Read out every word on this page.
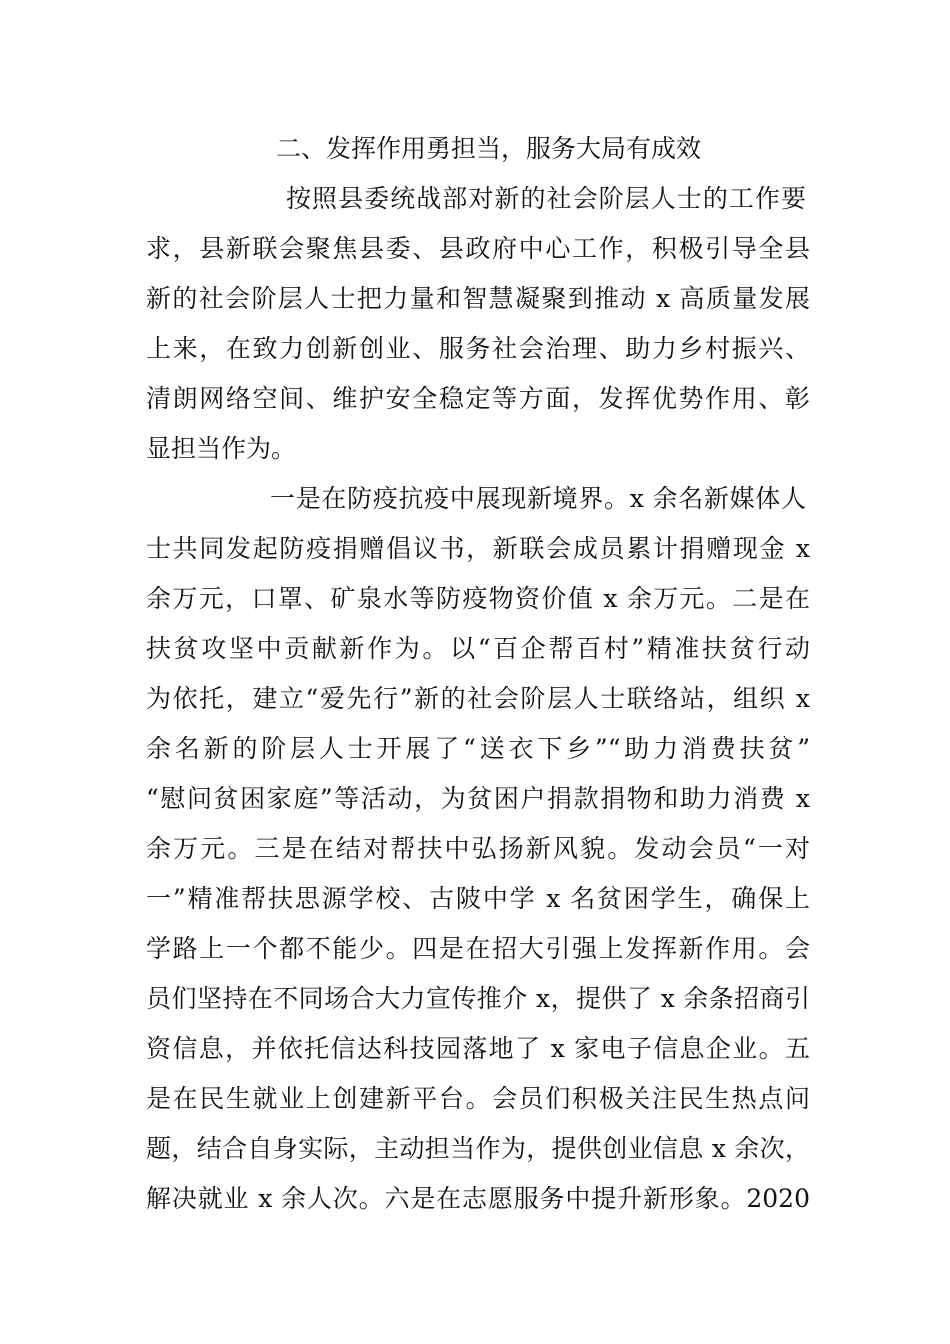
二、发挥作用勇担当，服务大局有成效
按照县委统战部对新的社会阶层人士的工作要
求，县新联会聚焦县委、县政府中心工作，积极引导全县
新的社会阶层人士把力量和智慧凝聚到推动 x 高质量发展
上来，在致力创新创业、服务社会治理、助力乡村振兴、
清朗网络空间、维护安全稳定等方面，发挥优势作用、彰
显担当作为。
一是在防疫抗疫中展现新境界。x 余名新媒体人
士共同发起防疫捐赠倡议书，新联会成员累计捐赠现金 x
余万元，口罩、矿泉水等防疫物资价值 x 余万元。二是在
扶贫攻坚中贡献新作为。以“百企帮百村”精准扶贫行动
为依托，建立“爱先行”新的社会阶层人士联络站，组织 x
余名新的阶层人士开展了“送衣下乡”“助力消费扶贫”
“慰问贫困家庭”等活动，为贫困户捐款捐物和助力消费 x
余万元。三是在结对帮扶中弘扬新风貌。发动会员“一对
一”精准帮扶思源学校、古陂中学 x 名贫困学生，确保上
学路上一个都不能少。四是在招大引强上发挥新作用。会
员们坚持在不同场合大力宣传推介 x，提供了 x 余条招商引
资信息，并依托信达科技园落地了 x 家电子信息企业。五
是在民生就业上创建新平台。会员们积极关注民生热点问
题，结合自身实际，主动担当作为，提供创业信息 x 余次，
解决就业 x 余人次。六是在志愿服务中提升新形象。2020
